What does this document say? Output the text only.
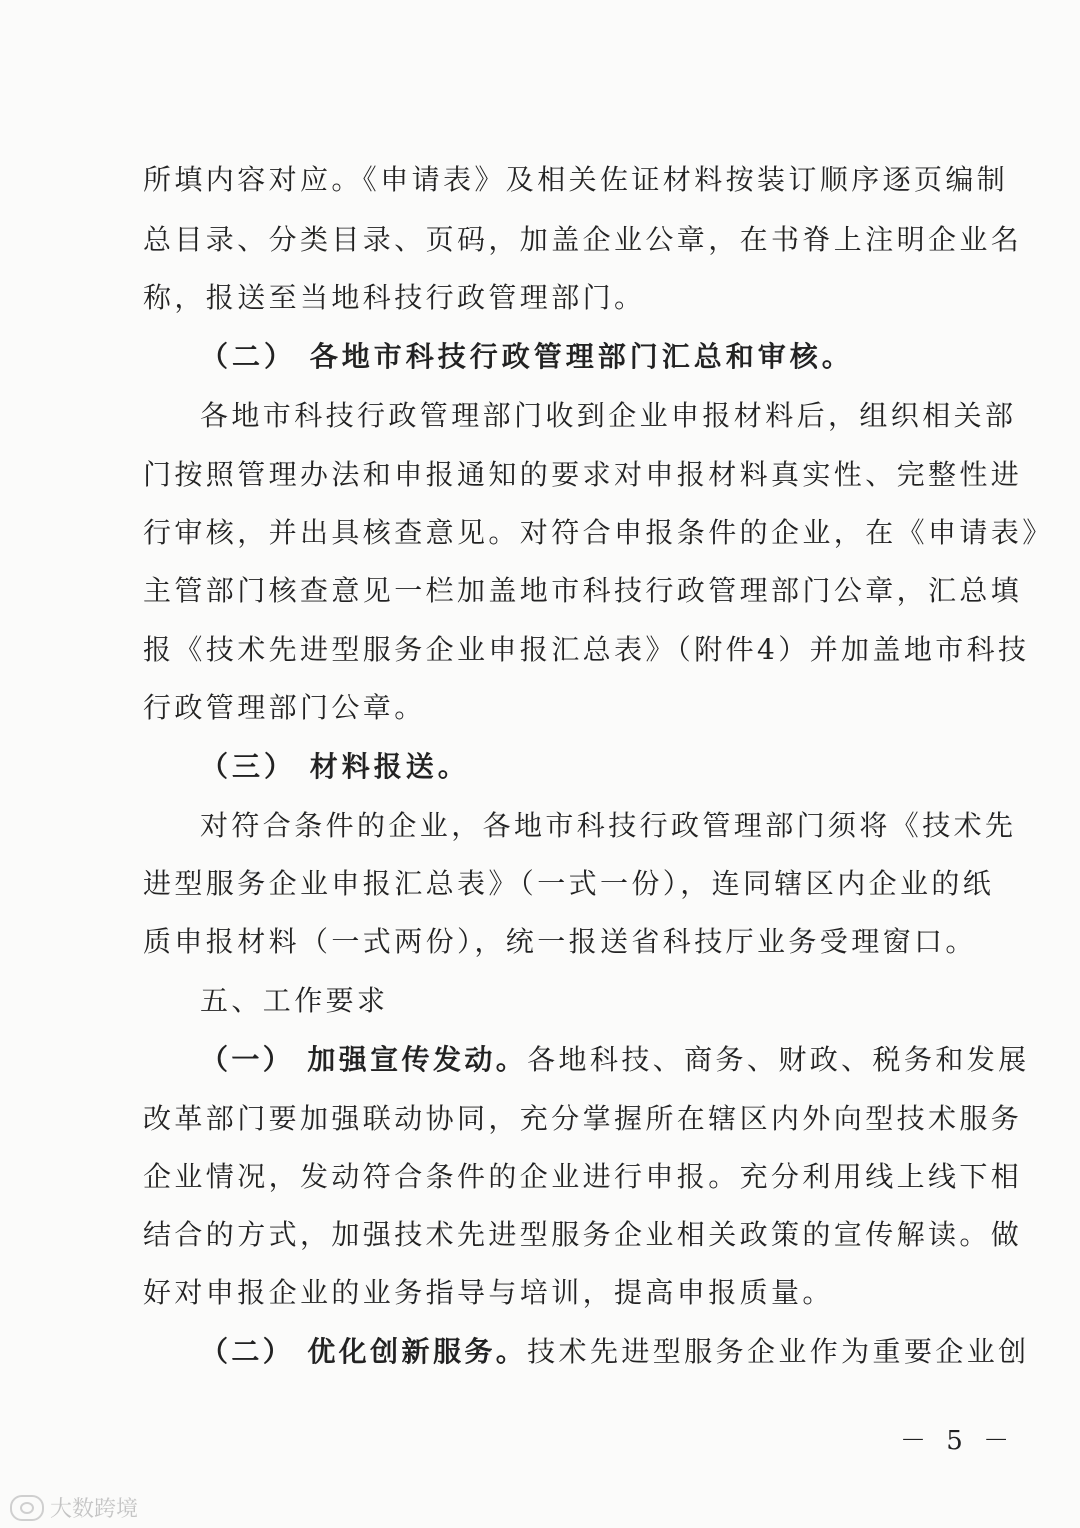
所填内容对应。《申请表》及相关佐证材料按装订顺序逐页编制
总目录、分类目录、页码，加盖企业公章，在书脊上注明企业名
称，报送至当地科技行政管理部门。
（二） 各地市科技行政管理部门汇总和审核。
各地市科技行政管理部门收到企业申报材料后，组织相关部
门按照管理办法和申报通知的要求对申报材料真实性、完整性进
行审核，并出具核查意见。对符合申报条件的企业，在《申请表》
主管部门核查意见一栏加盖地市科技行政管理部门公章，汇总填
报《技术先进型服务企业申报汇总表》（附件4）并加盖地市科技
行政管理部门公章。
（三） 材料报送。
对符合条件的企业，各地市科技行政管理部门须将《技术先
进型服务企业申报汇总表》（一式一份），连同辖区内企业的纸
质申报材料（一式两份），统一报送省科技厅业务受理窗口。
五、工作要求
（一） 加强宣传发动。各地科技、商务、财政、税务和发展
改革部门要加强联动协同，充分掌握所在辖区内外向型技术服务
企业情况，发动符合条件的企业进行申报。充分利用线上线下相
结合的方式，加强技术先进型服务企业相关政策的宣传解读。做
好对申报企业的业务指导与培训，提高申报质量。
（二） 优化创新服务。技术先进型服务企业作为重要企业创
－ 5 －
大数跨境
